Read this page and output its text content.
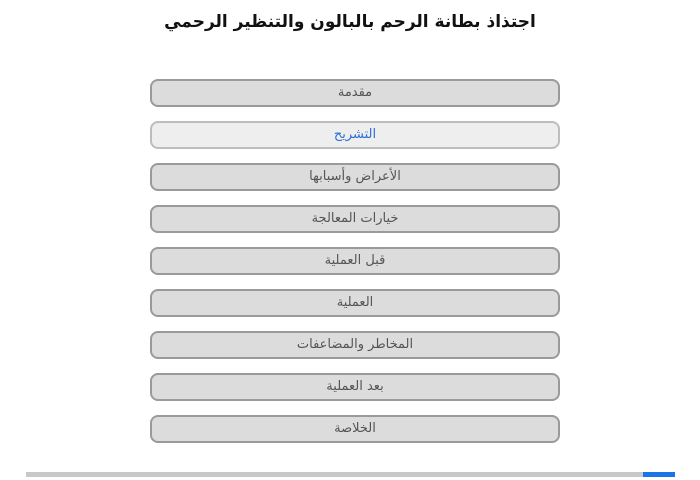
اجتذاذ بطانة الرحم بالبالون والتنظير الرحمي
مقدمة
التشريح
الأعراض وأسبابها
خيارات المعالجة
قبل العملية
العملية
المخاطر والمضاعفات
بعد العملية
الخلاصة
